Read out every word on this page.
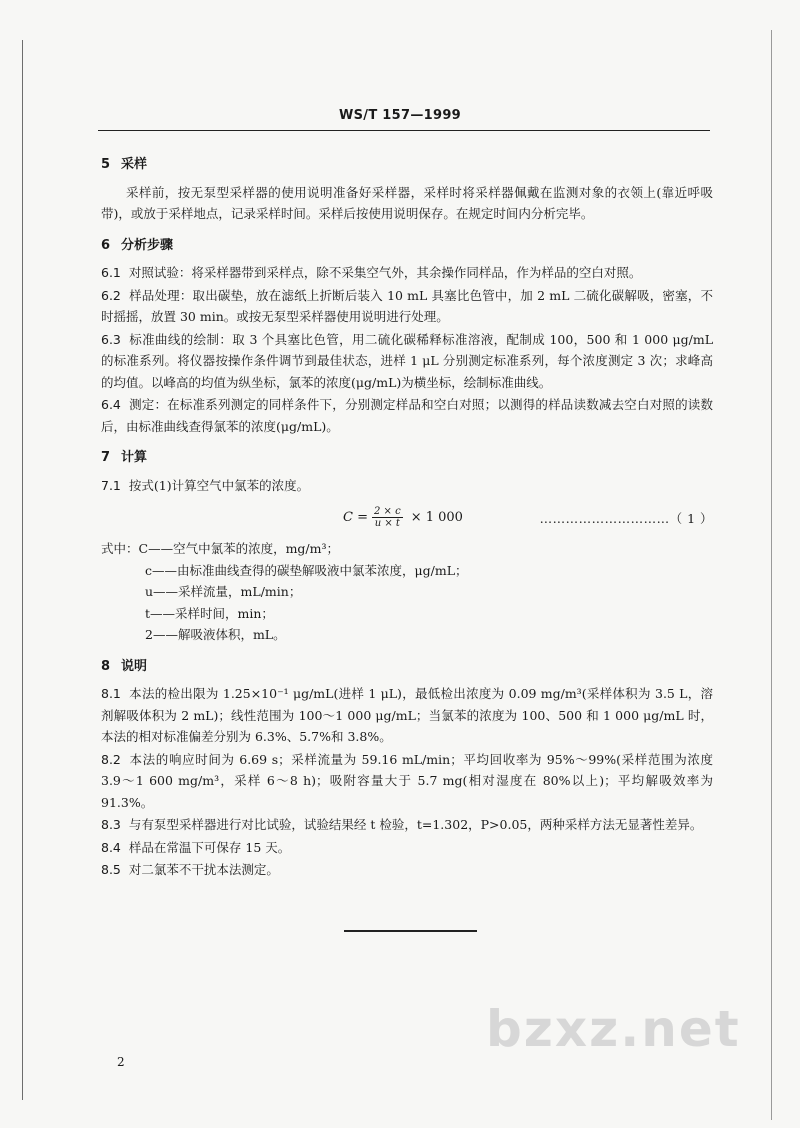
WS/T 157—1999
5 采样

采样前，按无泵型采样器的使用说明准备好采样器，采样时将采样器佩戴在监测对象的衣领上(靠近呼吸带)，或放于采样地点，记录采样时间。采样后按使用说明保存。在规定时间内分析完毕。

6 分析步骤
6.1 对照试验：将采样器带到采样点，除不采集空气外，其余操作同样品，作为样品的空白对照。
6.2 样品处理：取出碳垫，放在滤纸上折断后装入 10 mL 具塞比色管中，加 2 mL 二硫化碳解吸，密塞，不时摇摇，放置 30 min。或按无泵型采样器使用说明进行处理。
6.3 标准曲线的绘制：取 3 个具塞比色管，用二硫化碳稀释标准溶液，配制成 100，500 和 1 000 μg/mL 的标准系列。将仪器按操作条件调节到最佳状态，进样 1 μL 分别测定标准系列，每个浓度测定 3 次；求峰高的均值。以峰高的均值为纵坐标，氯苯的浓度(μg/mL)为横坐标，绘制标准曲线。
6.4 测定：在标准系列测定的同样条件下，分别测定样品和空白对照；以测得的样品读数减去空白对照的读数后，由标准曲线查得氯苯的浓度(μg/mL)。
7 计算
7.1 按式(1)计算空气中氯苯的浓度。
$C = \frac{2 \times c}{u \times t} \times 1$ 000	…………………………（ 1 ）
式中：C——空气中氯苯的浓度，mg/m³；
c——由标准曲线查得的碳垫解吸液中氯苯浓度，μg/mL；
u——采样流量，mL/min；
t——采样时间，min；
2——解吸液体积，mL。
8 说明
8.1 本法的检出限为 1.25×10⁻¹ μg/mL(进样 1 μL)，最低检出浓度为 0.09 mg/m³(采样体积为 3.5 L，溶剂解吸体积为 2 mL)；线性范围为 100～1 000 μg/mL；当氯苯的浓度为 100、500 和 1 000 μg/mL 时，本法的相对标准偏差分别为 6.3%、5.7%和 3.8%。
8.2 本法的响应时间为 6.69 s；采样流量为 59.16 mL/min；平均回收率为 95%～99%(采样范围为浓度 3.9～1 600 mg/m³，采样 6～8 h)；吸附容量大于 5.7 mg(相对湿度在 80%以上)；平均解吸效率为 91.3%。
8.3 与有泵型采样器进行对比试验，试验结果经 t 检验，t=1.302，P>0.05，两种采样方法无显著性差异。
8.4 样品在常温下可保存 15 天。
8.5 对二氯苯不干扰本法测定。
bzxz.net
2
